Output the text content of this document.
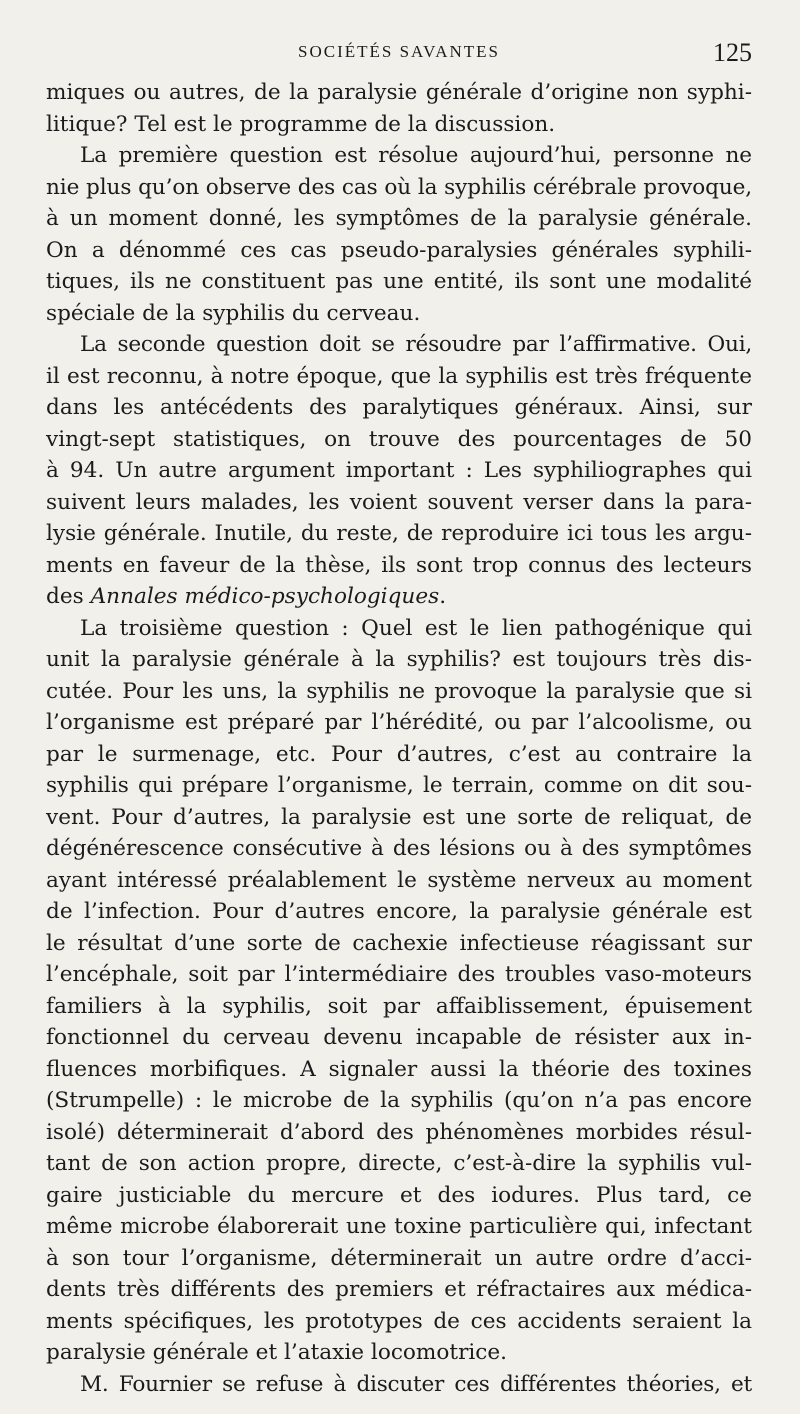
SOCIÉTÉS SAVANTES	125
miques ou autres, de la paralysie générale d’origine non syphi-
litique? Tel est le programme de la discussion.
La première question est résolue aujourd’hui, personne ne
nie plus qu’on observe des cas où la syphilis cérébrale provoque,
à un moment donné, les symptômes de la paralysie générale.
On a dénommé ces cas pseudo-paralysies générales syphili-
tiques, ils ne constituent pas une entité, ils sont une modalité
spéciale de la syphilis du cerveau.
La seconde question doit se résoudre par l’affirmative. Oui,
il est reconnu, à notre époque, que la syphilis est très fréquente
dans les antécédents des paralytiques généraux. Ainsi, sur
vingt-sept statistiques, on trouve des pourcentages de 50
à 94. Un autre argument important : Les syphiliographes qui
suivent leurs malades, les voient souvent verser dans la para-
lysie générale. Inutile, du reste, de reproduire ici tous les argu-
ments en faveur de la thèse, ils sont trop connus des lecteurs
des Annales médico-psychologiques.
La troisième question : Quel est le lien pathogénique qui
unit la paralysie générale à la syphilis? est toujours très dis-
cutée. Pour les uns, la syphilis ne provoque la paralysie que si
l’organisme est préparé par l’hérédité, ou par l’alcoolisme, ou
par le surmenage, etc. Pour d’autres, c’est au contraire la
syphilis qui prépare l’organisme, le terrain, comme on dit sou-
vent. Pour d’autres, la paralysie est une sorte de reliquat, de
dégénérescence consécutive à des lésions ou à des symptômes
ayant intéressé préalablement le système nerveux au moment
de l’infection. Pour d’autres encore, la paralysie générale est
le résultat d’une sorte de cachexie infectieuse réagissant sur
l’encéphale, soit par l’intermédiaire des troubles vaso-moteurs
familiers à la syphilis, soit par affaiblissement, épuisement
fonctionnel du cerveau devenu incapable de résister aux in-
fluences morbifiques. A signaler aussi la théorie des toxines
(Strumpelle) : le microbe de la syphilis (qu’on n’a pas encore
isolé) déterminerait d’abord des phénomènes morbides résul-
tant de son action propre, directe, c’est-à-dire la syphilis vul-
gaire justiciable du mercure et des iodures. Plus tard, ce
même microbe élaborerait une toxine particulière qui, infectant
à son tour l’organisme, déterminerait un autre ordre d’acci-
dents très différents des premiers et réfractaires aux médica-
ments spécifiques, les prototypes de ces accidents seraient la
paralysie générale et l’ataxie locomotrice.
M. Fournier se refuse à discuter ces différentes théories, et
